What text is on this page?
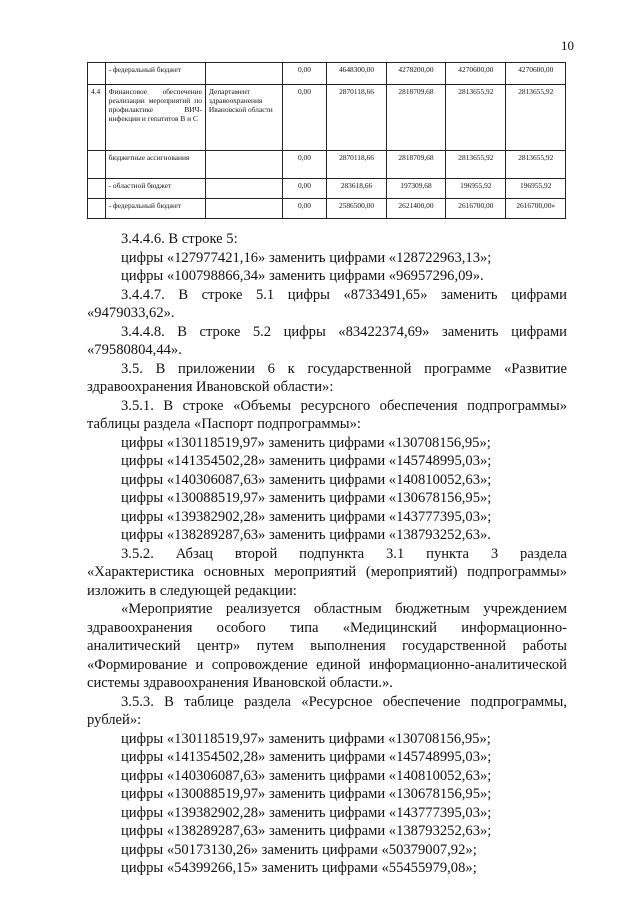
10
	- федеральный бюджет		0,00	4648300,00	4278200,00	4270600,00	4270600,00
4.4	Финансовое обеспечение реализации мероприятий по профилактике ВИЧ-инфекции и гепатитов В и С	Департамент здравоохранения Ивановской области	0,00	2870118,66	2818709,68	2813655,92	2813655,92
	бюджетные ассигнования		0,00	2870118,66	2818709,68	2813655,92	2813655,92
	- областной бюджет		0,00	283618,66	197309,68	196955,92	196955,92
	- федеральный бюджет		0,00	2586500,00	2621400,00	2616700,00	2616700,00»

3.4.4.6. В строке 5:

цифры «127977421,16» заменить цифрами «128722963,13»;

цифры «100798866,34» заменить цифрами «96957296,09».

3.4.4.7. В строке 5.1 цифры «8733491,65» заменить цифрами

«9479033,62».

3.4.4.8. В строке 5.2 цифры «83422374,69» заменить цифрами

«79580804,44».

3.5. В приложении 6 к государственной программе «Развитие

здравоохранения Ивановской области»:

3.5.1. В строке «Объемы ресурсного обеспечения подпрограммы»

таблицы раздела «Паспорт подпрограммы»:

цифры «130118519,97» заменить цифрами «130708156,95»;

цифры «141354502,28» заменить цифрами «145748995,03»;

цифры «140306087,63» заменить цифрами «140810052,63»;

цифры «130088519,97» заменить цифрами «130678156,95»;

цифры «139382902,28» заменить цифрами «143777395,03»;

цифры «138289287,63» заменить цифрами «138793252,63».

3.5.2. Абзац второй подпункта 3.1 пункта 3 раздела

«Характеристика основных мероприятий (мероприятий) подпрограммы»

изложить в следующей редакции:

«Мероприятие реализуется областным бюджетным учреждением

здравоохранения особого типа «Медицинский информационно-

аналитический центр» путем выполнения государственной работы

«Формирование и сопровождение единой информационно-аналитической

системы здравоохранения Ивановской области.».

3.5.3. В таблице раздела «Ресурсное обеспечение подпрограммы,

рублей»:

цифры «130118519,97» заменить цифрами «130708156,95»;

цифры «141354502,28» заменить цифрами «145748995,03»;

цифры «140306087,63» заменить цифрами «140810052,63»;

цифры «130088519,97» заменить цифрами «130678156,95»;

цифры «139382902,28» заменить цифрами «143777395,03»;

цифры «138289287,63» заменить цифрами «138793252,63»;

цифры «50173130,26» заменить цифрами «50379007,92»;

цифры «54399266,15» заменить цифрами «55455979,08»;
